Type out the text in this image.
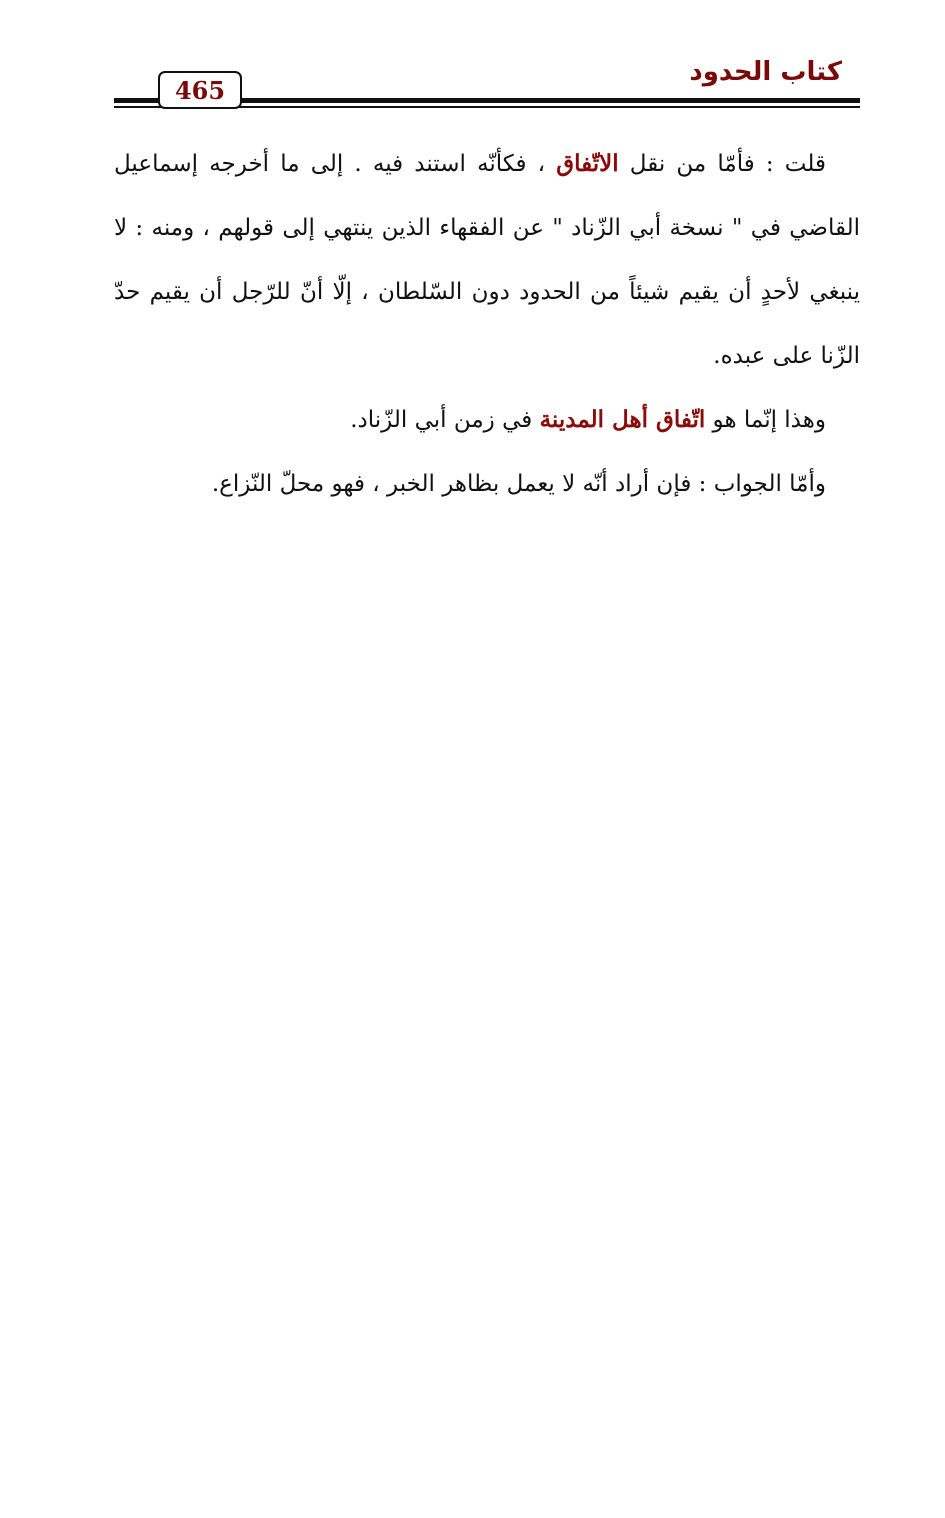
كتاب الحدود
465

قلت : فأمّا من نقل الاتّفاق ، فكأنّه استند فيه . إلى ما أخرجه إسماعيل القاضي في " نسخة أبي الزّناد " عن الفقهاء الذين ينتهي إلى قولهم ، ومنه : لا ينبغي لأحدٍ أن يقيم شيئاً من الحدود دون السّلطان ، إلّا أنّ للرّجل أن يقيم حدّ الزّنا على عبده.

وهذا إنّما هو اتّفاق أهل المدينة في زمن أبي الزّناد.

وأمّا الجواب : فإن أراد أنّه لا يعمل بظاهر الخبر ، فهو محلّ النّزاع.
